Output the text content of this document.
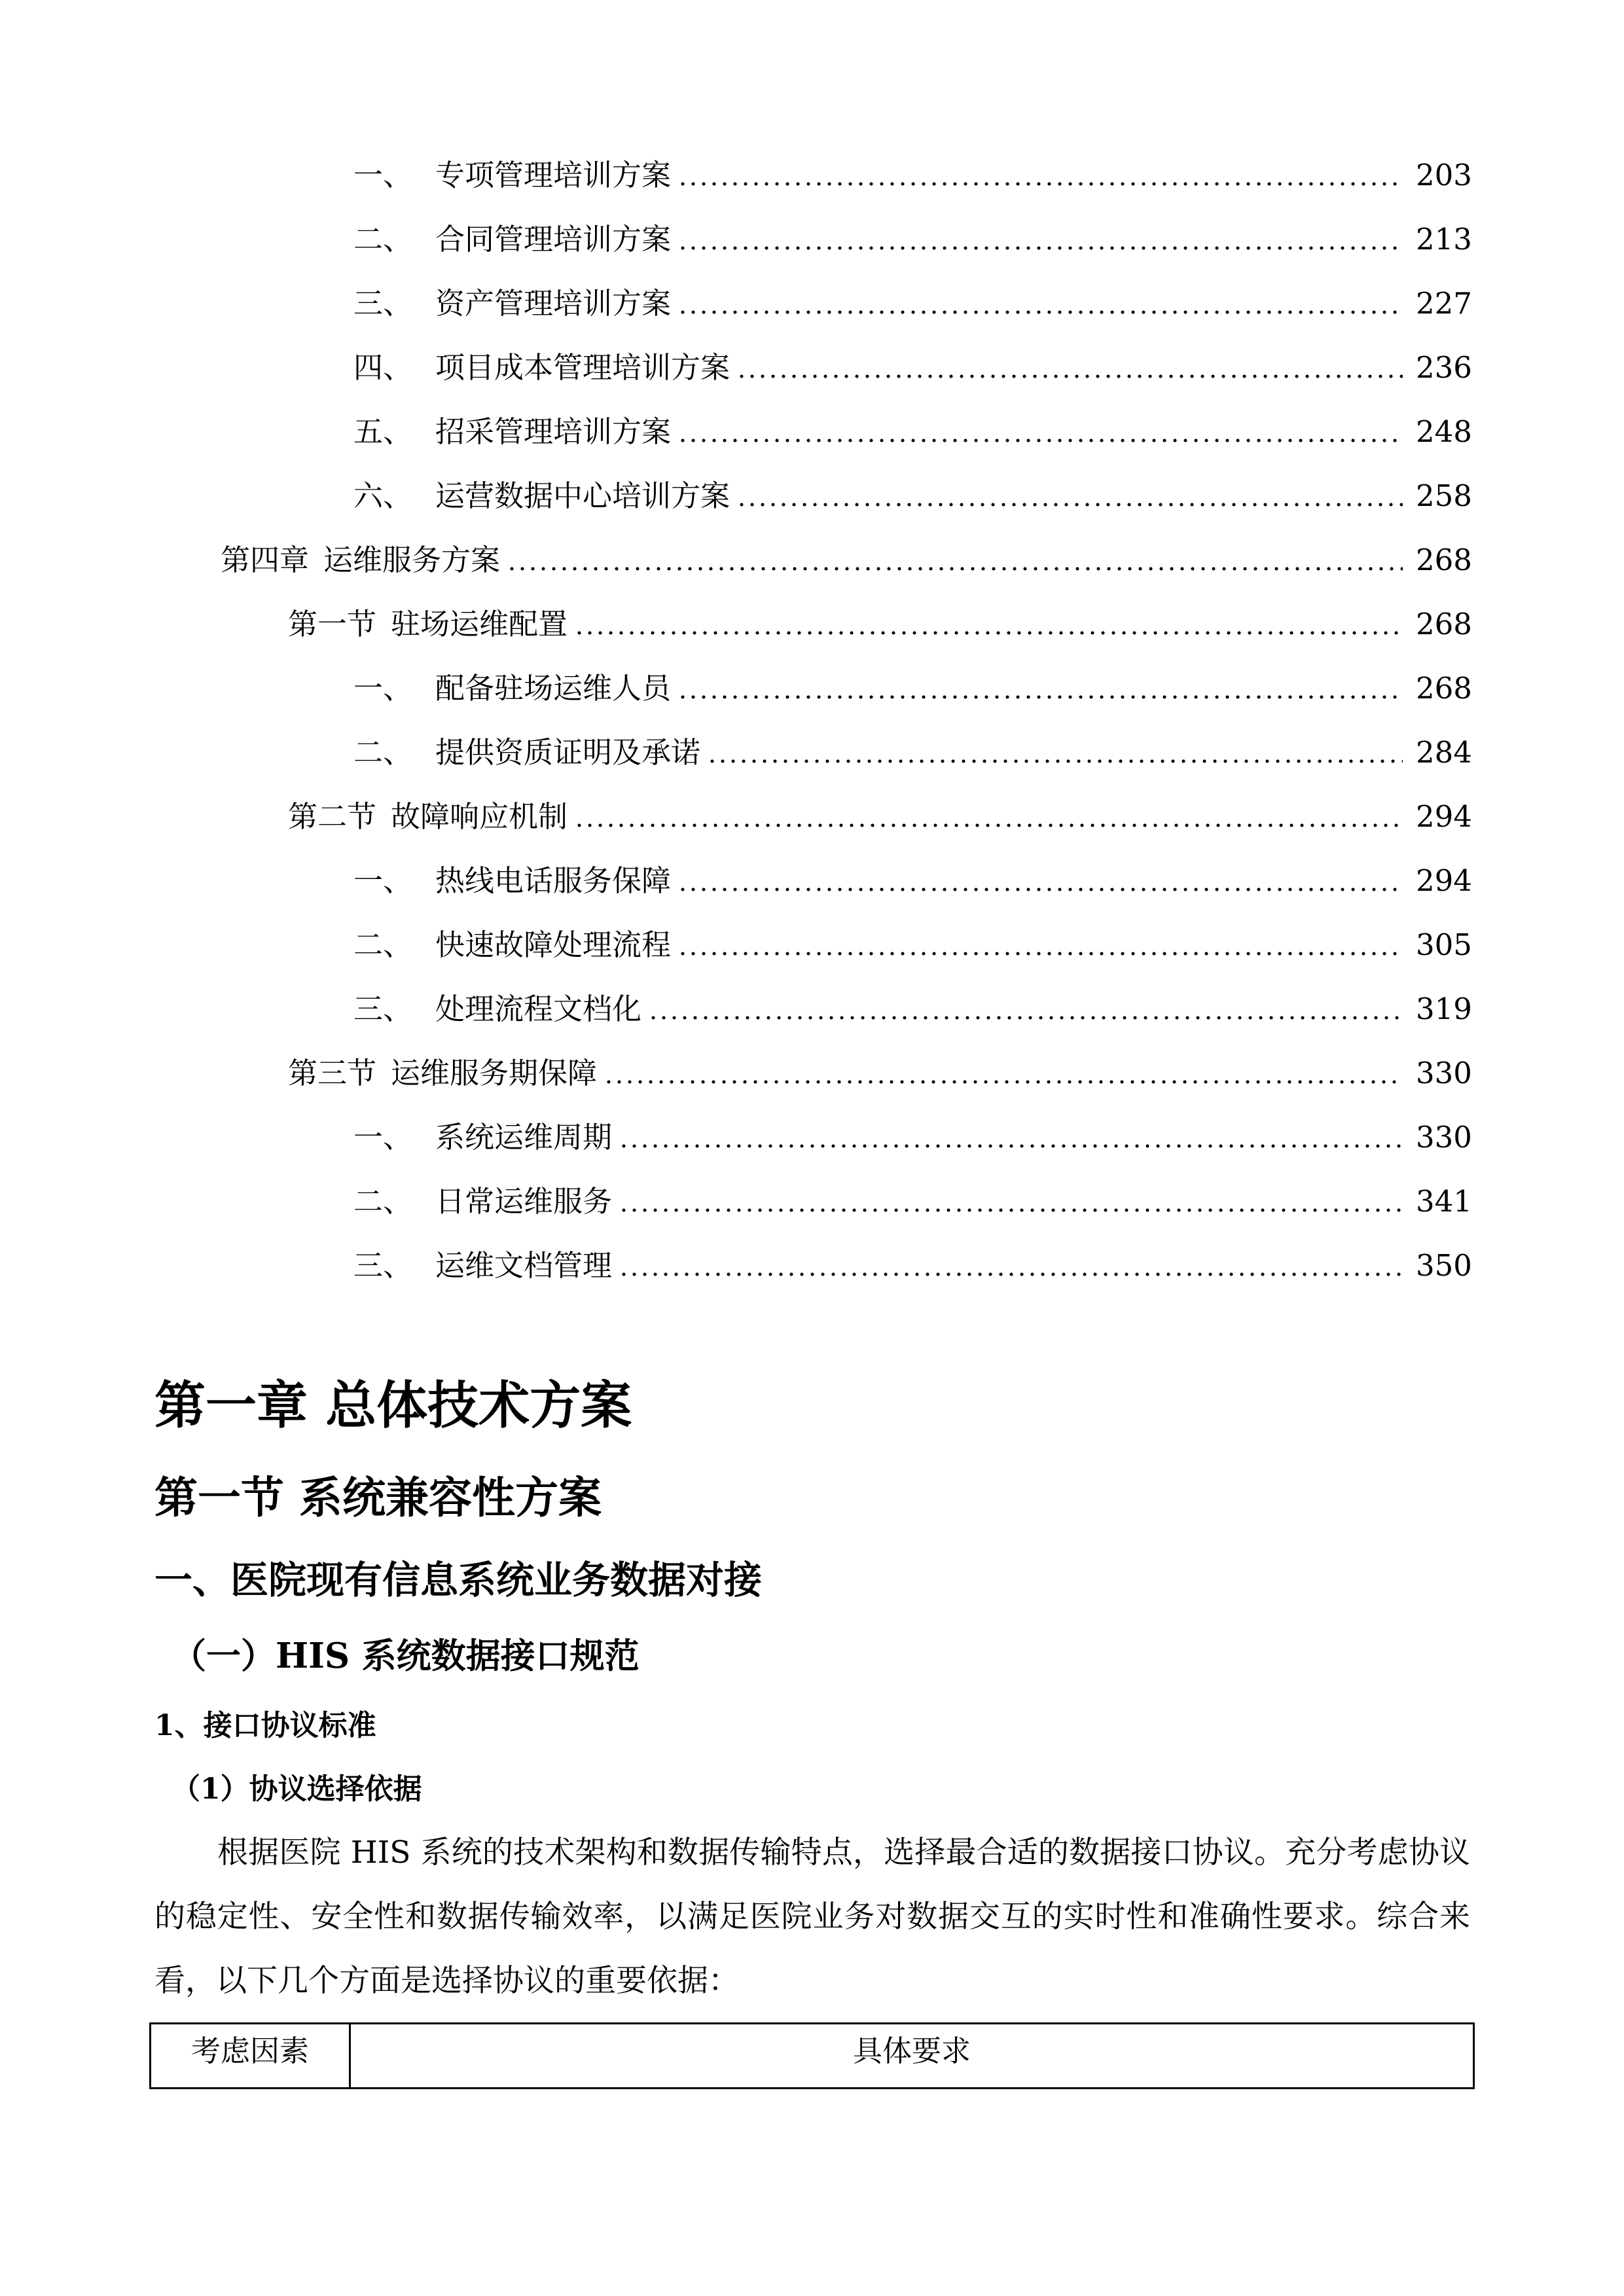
一、 专项管理培训方案	203
二、 合同管理培训方案	213
三、 资产管理培训方案	227
四、 项目成本管理培训方案	236
五、 招采管理培训方案	248
六、 运营数据中心培训方案	258
第四章 运维服务方案	268
第一节 驻场运维配置	268
一、 配备驻场运维人员	268
二、 提供资质证明及承诺	284
第二节 故障响应机制	294
一、 热线电话服务保障	294
二、 快速故障处理流程	305
三、 处理流程文档化	319
第三节 运维服务期保障	330
一、 系统运维周期	330
二、 日常运维服务	341
三、 运维文档管理	350
第一章 总体技术方案
第一节 系统兼容性方案
一、医院现有信息系统业务数据对接
（一）HIS 系统数据接口规范
1、接口协议标准
（1）协议选择依据
根据医院 HIS 系统的技术架构和数据传输特点，选择最合适的数据接口协议。充分考虑协议的稳定性、安全性和数据传输效率，以满足医院业务对数据交互的实时性和准确性要求。综合来看，以下几个方面是选择协议的重要依据：
考虑因素	具体要求
